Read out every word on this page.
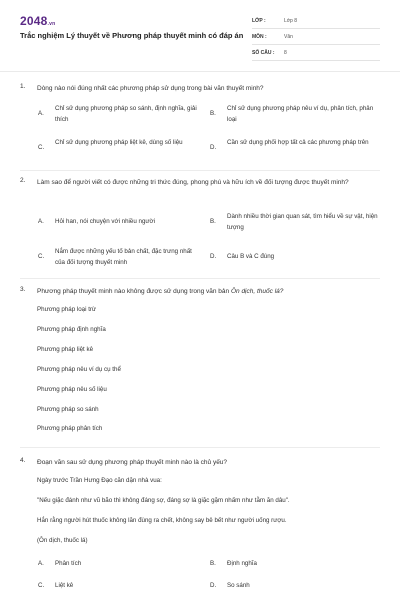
2048.vn
Trắc nghiệm Lý thuyết về Phương pháp thuyết minh có đáp án
LỚP :	Lớp 8
MÔN :	Văn
SỐ CÂU : 8
1. Dòng nào nói đúng nhất các phương pháp sử dụng trong bài văn thuyết minh?
A.
Chỉ sử dụng phương pháp so sánh, định nghĩa, giải thích
B.
Chỉ sử dụng phương pháp nêu ví dụ, phân tích, phân loại
C.
Chỉ sử dụng phương pháp liệt kê, dùng số liệu
D.
Cần sử dụng phối hợp tất cả các phương pháp trên
2. Làm sao để người viết có được những tri thức đúng, phong phú và hữu ích về đối tượng được thuyết minh?
A.	Hỏi han, nói chuyện với nhiều người	B.
Dành nhiều thời gian quan sát, tìm hiểu về sự vật, hiện tượng
C.
Nắm được những yếu tố bản chất, đặc trưng nhất của đối tượng thuyết minh
D.	Câu B và C đúng
3. Phương pháp thuyết minh nào không được sử dụng trong văn bản Ôn dịch, thuốc lá?
Phương pháp loại trừ
Phương pháp định nghĩa
Phương pháp liệt kê
Phương pháp nêu ví dụ cụ thể
Phương pháp nêu số liệu
Phương pháp so sánh
Phương pháp phân tích
4. Đoạn văn sau sử dụng phương pháp thuyết minh nào là chủ yếu?
Ngày trước Trần Hưng Đạo căn dặn nhà vua:
"Nếu giặc đánh như vũ bão thì không đáng sợ, đáng sợ là giặc gặm nhấm như tằm ăn dâu".
Hắn rằng người hút thuốc không lăn đùng ra chết, không say bê bết như người uống rượu.
(Ôn dịch, thuốc lá)
A.	Phân tích	B.	Định nghĩa
C.	Liệt kê	D.	So sánh
